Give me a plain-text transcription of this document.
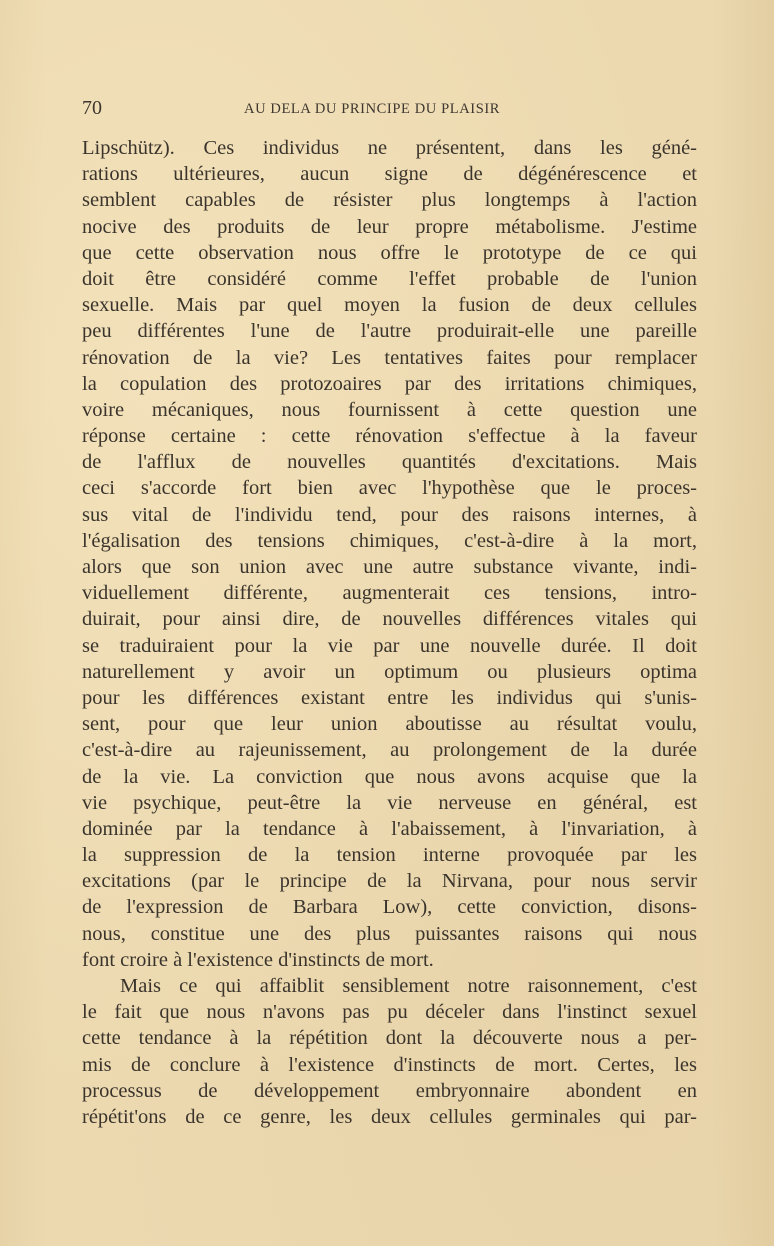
70	AU DELA DU PRINCIPE DU PLAISIR
Lipschütz). Ces individus ne présentent, dans les géné-
rations ultérieures, aucun signe de dégénérescence et
semblent capables de résister plus longtemps à l'action
nocive des produits de leur propre métabolisme. J'estime
que cette observation nous offre le prototype de ce qui
doit être considéré comme l'effet probable de l'union
sexuelle. Mais par quel moyen la fusion de deux cellules
peu différentes l'une de l'autre produirait-elle une pareille
rénovation de la vie? Les tentatives faites pour remplacer
la copulation des protozoaires par des irritations chimiques,
voire mécaniques, nous fournissent à cette question une
réponse certaine : cette rénovation s'effectue à la faveur
de l'afflux de nouvelles quantités d'excitations. Mais
ceci s'accorde fort bien avec l'hypothèse que le proces-
sus vital de l'individu tend, pour des raisons internes, à
l'égalisation des tensions chimiques, c'est-à-dire à la mort,
alors que son union avec une autre substance vivante, indi-
viduellement différente, augmenterait ces tensions, intro-
duirait, pour ainsi dire, de nouvelles différences vitales qui
se traduiraient pour la vie par une nouvelle durée. Il doit
naturellement y avoir un optimum ou plusieurs optima
pour les différences existant entre les individus qui s'unis-
sent, pour que leur union aboutisse au résultat voulu,
c'est-à-dire au rajeunissement, au prolongement de la durée
de la vie. La conviction que nous avons acquise que la
vie psychique, peut-être la vie nerveuse en général, est
dominée par la tendance à l'abaissement, à l'invariation, à
la suppression de la tension interne provoquée par les
excitations (par le principe de la Nirvana, pour nous servir
de l'expression de Barbara Low), cette conviction, disons-
nous, constitue une des plus puissantes raisons qui nous
font croire à l'existence d'instincts de mort.
Mais ce qui affaiblit sensiblement notre raisonnement, c'est
le fait que nous n'avons pas pu déceler dans l'instinct sexuel
cette tendance à la répétition dont la découverte nous a per-
mis de conclure à l'existence d'instincts de mort. Certes, les
processus de développement embryonnaire abondent en
répétit'ons de ce genre, les deux cellules germinales qui par-
